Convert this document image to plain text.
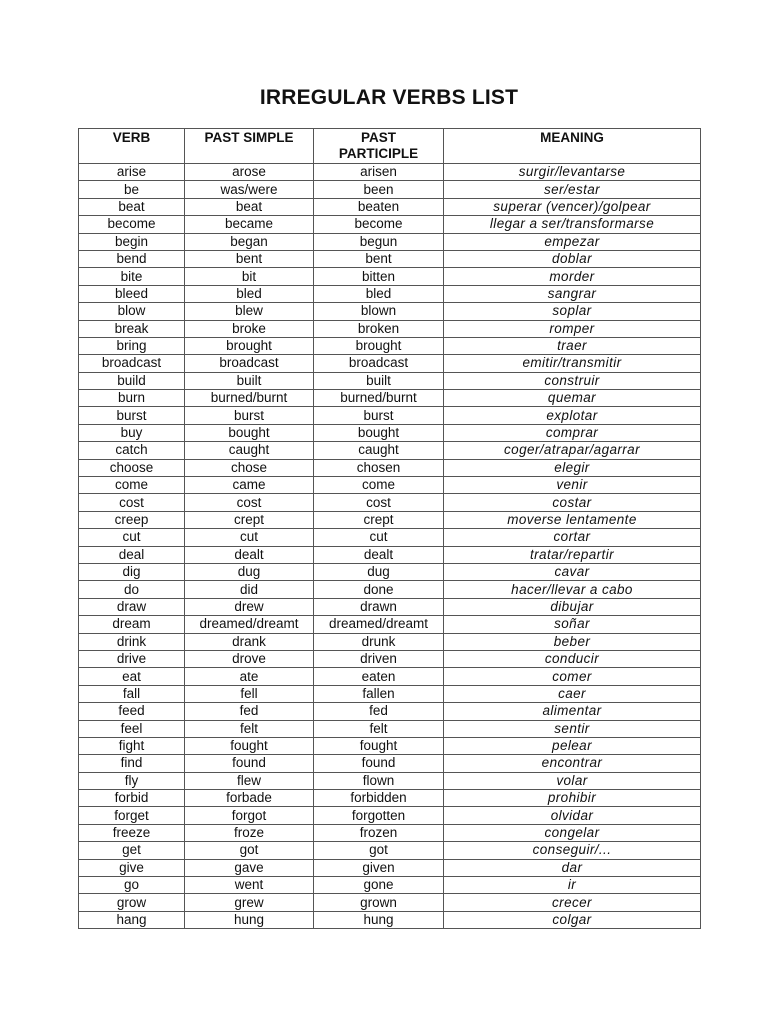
IRREGULAR VERBS LIST
VERB	PAST SIMPLE	PAST PARTICIPLE	MEANING
arise	arose	arisen	surgir/levantarse
be	was/were	been	ser/estar
beat	beat	beaten	superar (vencer)/golpear
become	became	become	llegar a ser/transformarse
begin	began	begun	empezar
bend	bent	bent	doblar
bite	bit	bitten	morder
bleed	bled	bled	sangrar
blow	blew	blown	soplar
break	broke	broken	romper
bring	brought	brought	traer
broadcast	broadcast	broadcast	emitir/transmitir
build	built	built	construir
burn	burned/burnt	burned/burnt	quemar
burst	burst	burst	explotar
buy	bought	bought	comprar
catch	caught	caught	coger/atrapar/agarrar
choose	chose	chosen	elegir
come	came	come	venir
cost	cost	cost	costar
creep	crept	crept	moverse lentamente
cut	cut	cut	cortar
deal	dealt	dealt	tratar/repartir
dig	dug	dug	cavar
do	did	done	hacer/llevar a cabo
draw	drew	drawn	dibujar
dream	dreamed/dreamt	dreamed/dreamt	soñar
drink	drank	drunk	beber
drive	drove	driven	conducir
eat	ate	eaten	comer
fall	fell	fallen	caer
feed	fed	fed	alimentar
feel	felt	felt	sentir
fight	fought	fought	pelear
find	found	found	encontrar
fly	flew	flown	volar
forbid	forbade	forbidden	prohibir
forget	forgot	forgotten	olvidar
freeze	froze	frozen	congelar
get	got	got	conseguir/...
give	gave	given	dar
go	went	gone	ir
grow	grew	grown	crecer
hang	hung	hung	colgar
